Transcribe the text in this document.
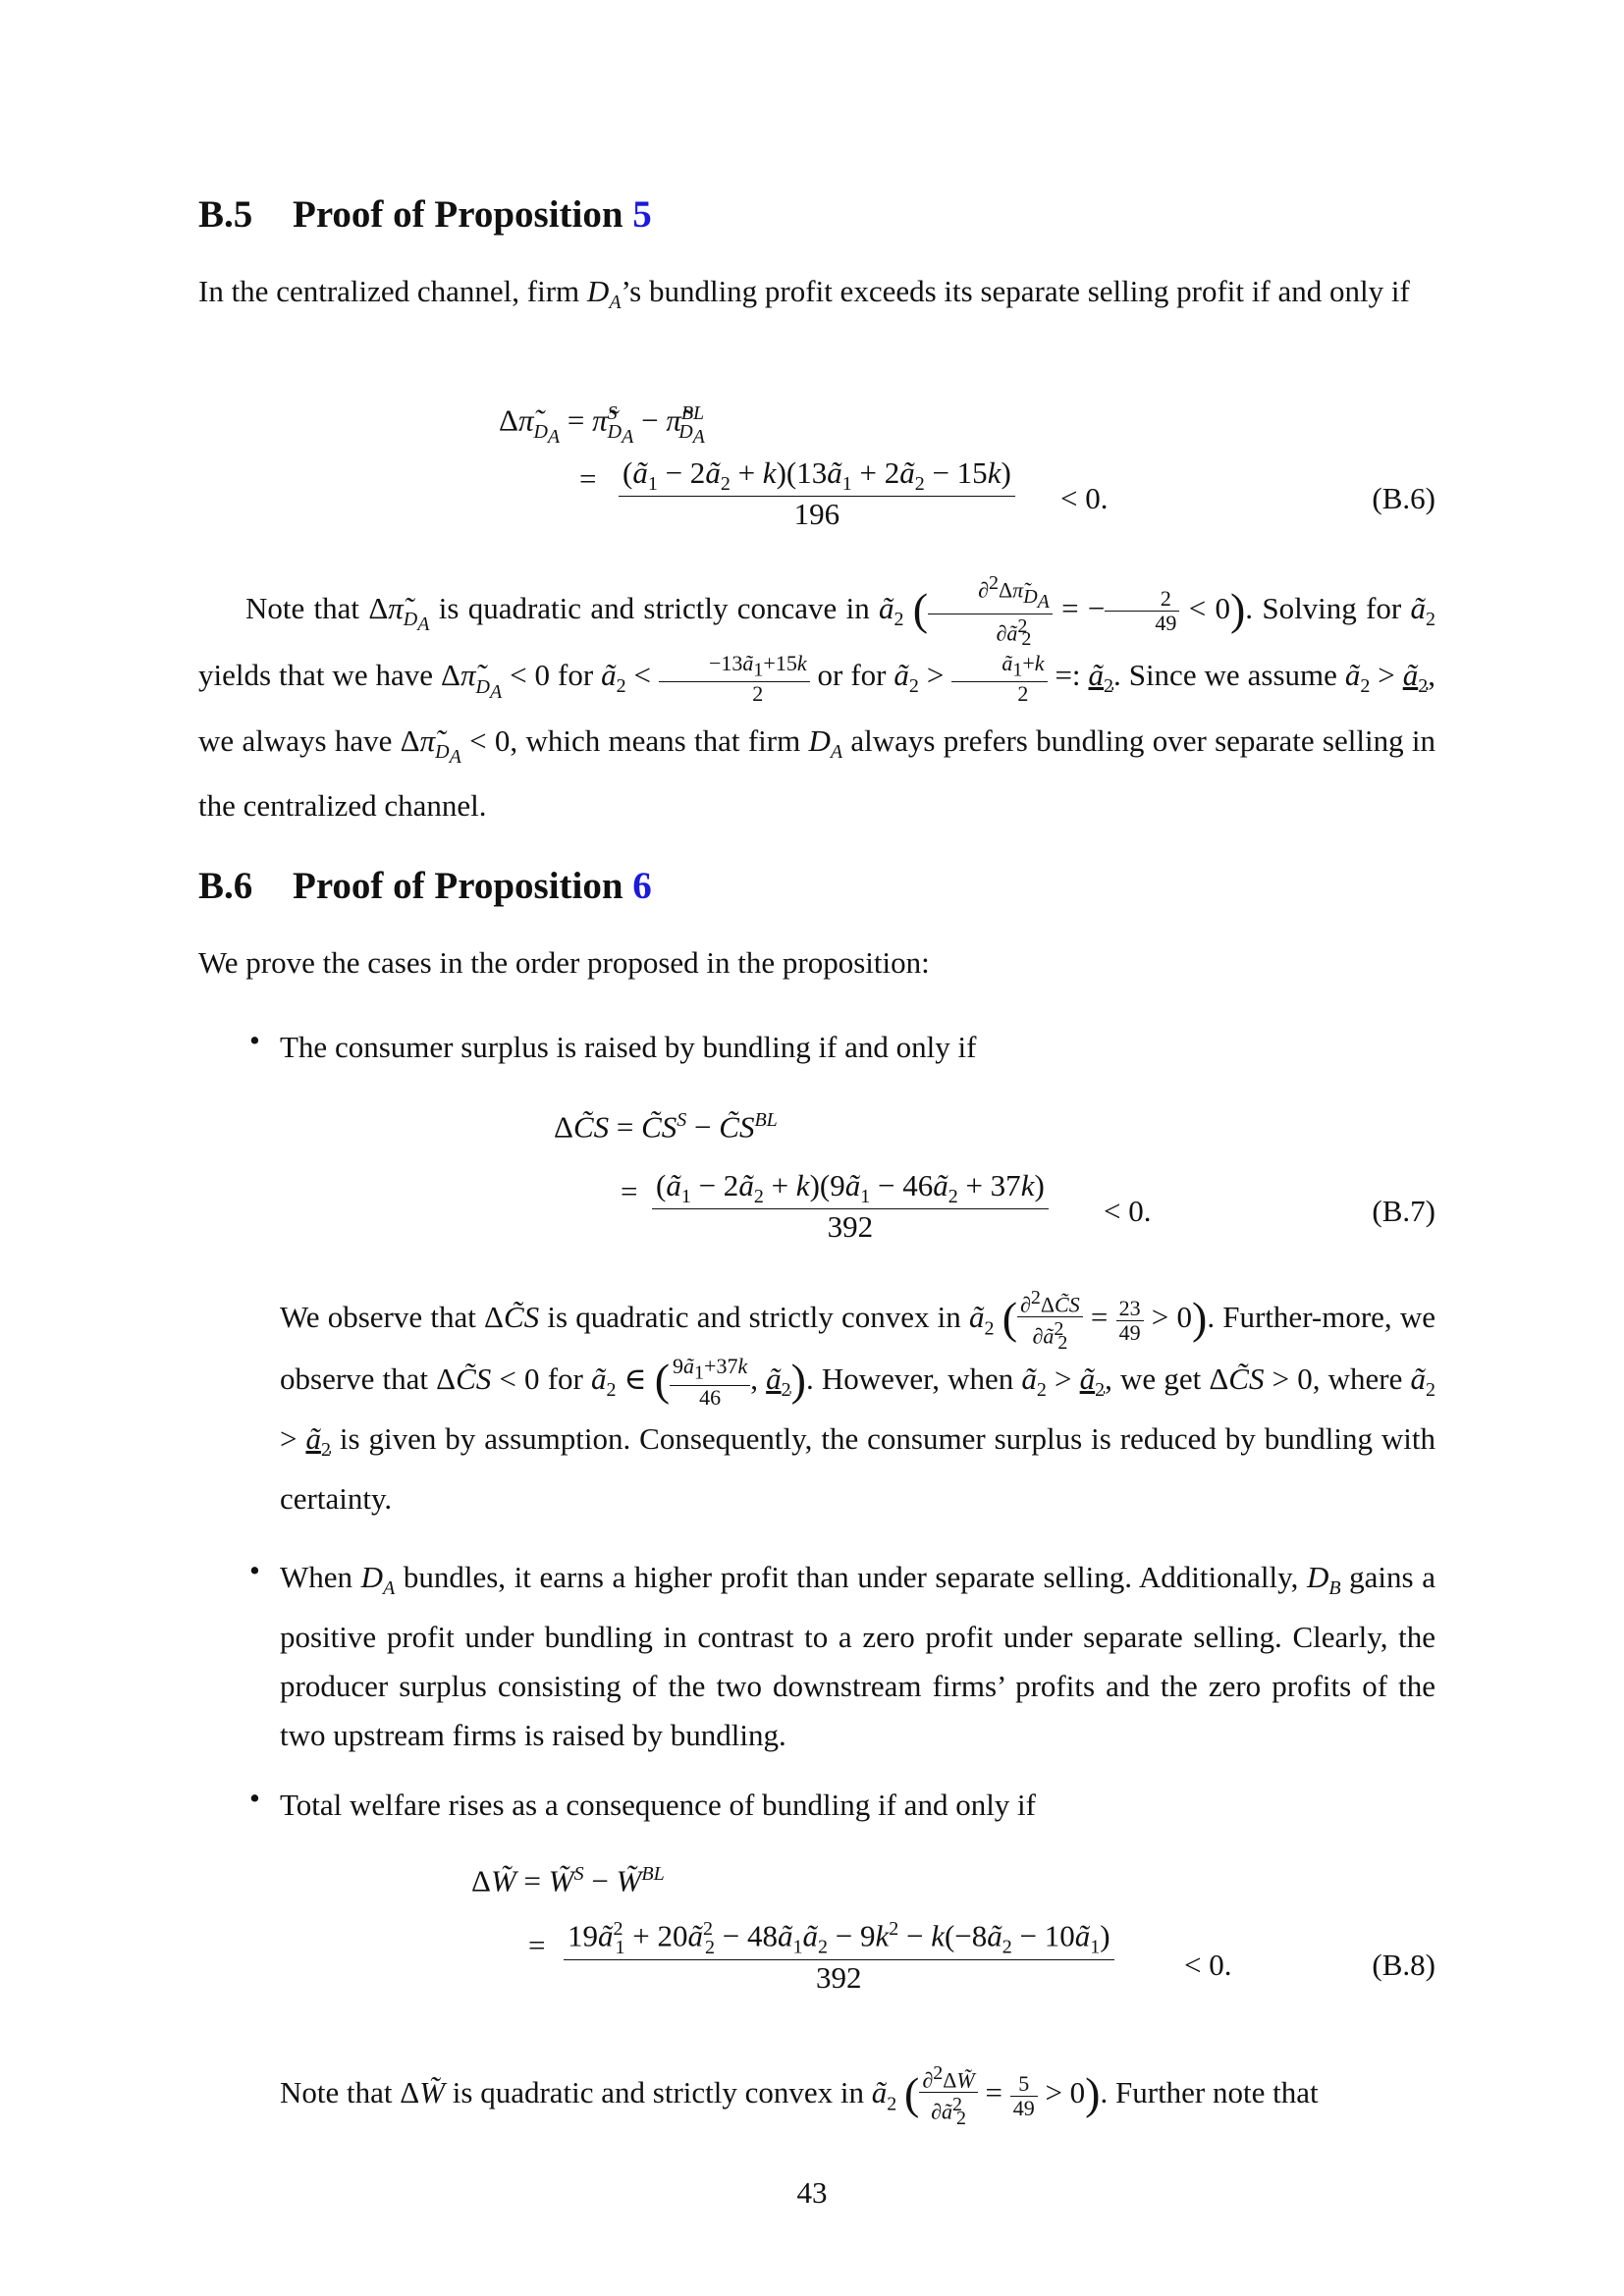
B.5 Proof of Proposition 5

In the centralized channel, firm $D_A’s$ bundling profit exceeds its separate selling profit if and only if

$\Delta\pĩ_{D_A}$ = π̃$^S_{D_A}$ − π̃$^{BL}_{D_A}$
= $\frac{(ã_1 - 2ã_2 + k)(13ã_1 + 2ã_2 - 15k)}{196} < 0$.	(B.6)

Note that $\Delta\pĩ_{D_A}$ is quadratic and strictly concave in $ã_2$ ( $\frac{\partial^2\Delta\pĩ_{D_A}}{\partial ã^2_2}$ = − $\frac{2}{49} < 0$). Solving for $ã_2$ yields that we have $\Delta\pĩ_{D_A} < 0$ for $ã_2 < \frac{-13ã_1+15k}{2}$ or for $ã_2 > \frac{ã_1+k}{2}$ =: $ã_2$. Since we assume $ã_2$ > $ã_2$, we always have $\Delta\pĩ_{D_A} < 0$, which means that firm $D_A$ always prefers bundling over separate selling in the centralized channel.

B.6 Proof of Proposition 6

We prove the cases in the order proposed in the proposition:

• The consumer surplus is raised by bundling if and only if

ΔC̃S = $C̃S^S$ − $C̃S^{BL}$
= $\frac{(ã_1 - 2ã_2 + k)(9ã_1 - 46ã_2 + 37k)}{392} < 0$.	(B.7)

We observe that ΔC̃S is quadratic and strictly convex in $ã_2$ ( $\frac{\partial^2\Delta C̃S}{\partial ã^2_2} = \frac{23}{49} > 0$). Further-more, we observe that ΔC̃S < 0 for $ã_2$ ∈ ( $\frac{9ã_1+37k}{46}$ , $ã_2$). However, when $ã_2$ > $ã_2$, we get ΔC̃S > 0, where $ã_2$ > $ã_2$ is given by assumption. Consequently, the consumer surplus is reduced by bundling with certainty.

• When $D_A$ bundles, it earns a higher profit than under separate selling. Additionally, $D_B$ gains a positive profit under bundling in contrast to a zero profit under separate selling. Clearly, the producer surplus consisting of the two downstream firms’ profits and the zero profits of the two upstream firms is raised by bundling.

• Total welfare rises as a consequence of bundling if and only if

ΔW̃ = W̃$^S$ − W̃$^{BL}$
= $\frac{19ã^2_1 + 20ã^2_2 - 48ã_1ã_2 - 9k^2 - k(-8ã_2 - 10ã_1)}{392} < 0$.	(B.8)

Note that ΔW̃ is quadratic and strictly convex in $ã_2$ ( $\frac{\partial^2\Delta W̃}{\partial ã^2_2} = \frac{5}{49} > 0$). Further note that

43
